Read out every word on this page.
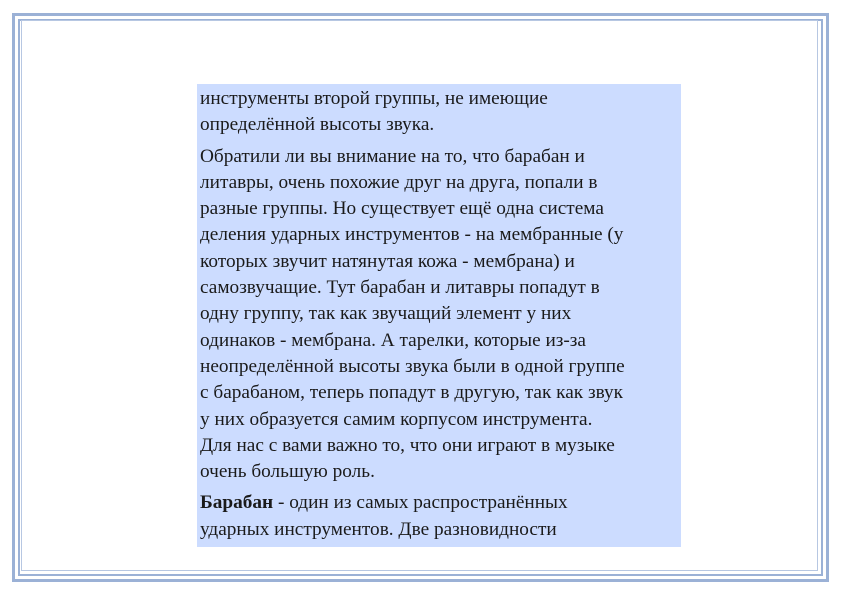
инструменты второй группы, не имеющие
определённой высоты звука.

Обратили ли вы внимание на то, что барабан и
литавры, очень похожие друг на друга, попали в
разные группы. Но существует ещё одна система
деления ударных инструментов - на мембранные (у
которых звучит натянутая кожа - мембрана) и
самозвучащие. Тут барабан и литавры попадут в
одну группу, так как звучащий элемент у них
одинаков - мембрана. А тарелки, которые из-за
неопределённой высоты звука были в одной группе
с барабаном, теперь попадут в другую, так как звук
у них образуется самим корпусом инструмента.
Для нас с вами важно то, что они играют в музыке
очень большую роль.

Барабан - один из самых распространённых
ударных инструментов. Две разновидности
